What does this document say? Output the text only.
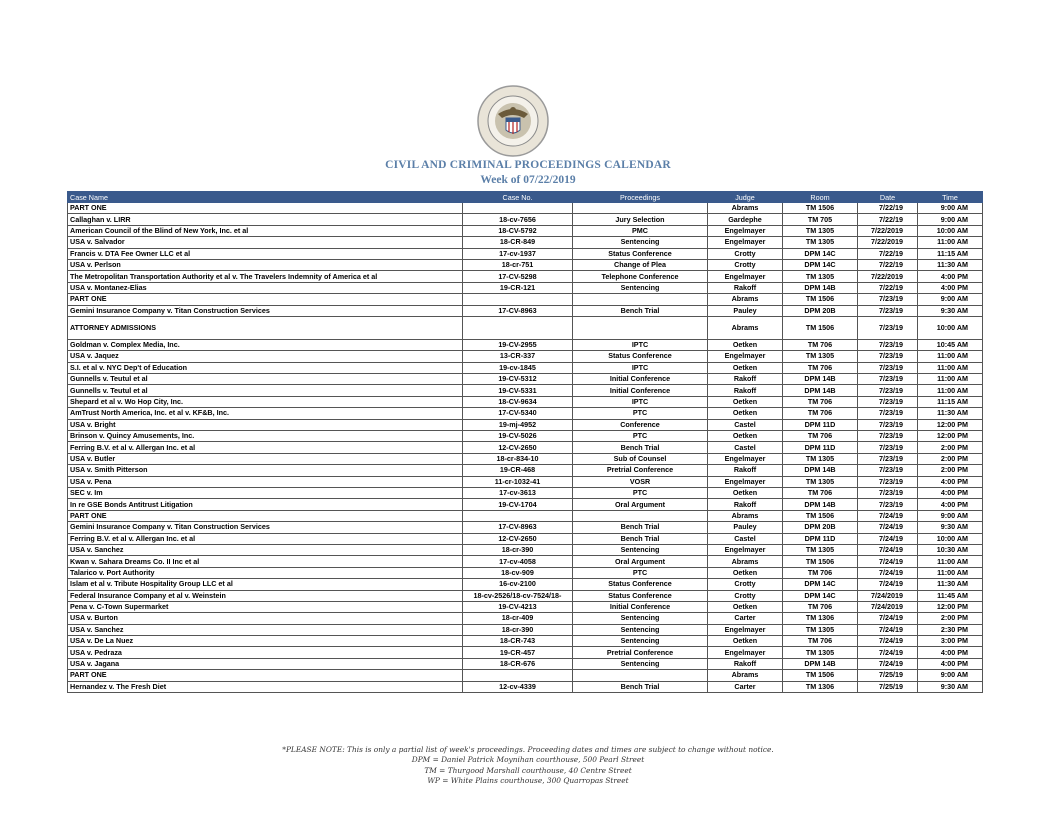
CIVIL AND CRIMINAL PROCEEDINGS CALENDAR
Week of 07/22/2019
Case Name	Case No.	Proceedings	Judge	Room	Date	Time
PART ONE			Abrams	TM 1506	7/22/19	9:00 AM
Callaghan v. LIRR	18-cv-7656	Jury Selection	Gardephe	TM 705	7/22/19	9:00 AM
American Council of the Blind of New York, Inc. et al	18-CV-5792	PMC	Engelmayer	TM 1305	7/22/2019	10:00 AM
USA v. Salvador	18-CR-849	Sentencing	Engelmayer	TM 1305	7/22/2019	11:00 AM
Francis v. DTA Fee Owner LLC et al	17-cv-1937	Status Conference	Crotty	DPM 14C	7/22/19	11:15 AM
USA v. Perlson	18-cr-751	Change of Plea	Crotty	DPM 14C	7/22/19	11:30 AM
The Metropolitan Transportation Authority et al v. The Travelers Indemnity of America et al	17-CV-5298	Telephone Conference	Engelmayer	TM 1305	7/22/2019	4:00 PM
USA v. Montanez-Elias	19-CR-121	Sentencing	Rakoff	DPM 14B	7/22/19	4:00 PM
PART ONE			Abrams	TM 1506	7/23/19	9:00 AM
Gemini Insurance Company v. Titan Construction Services	17-CV-8963	Bench Trial	Pauley	DPM 20B	7/23/19	9:30 AM
ATTORNEY ADMISSIONS			Abrams	TM 1506	7/23/19	10:00 AM
Goldman v. Complex Media, Inc.	19-CV-2955	IPTC	Oetken	TM 706	7/23/19	10:45 AM
USA v. Jaquez	13-CR-337	Status Conference	Engelmayer	TM 1305	7/23/19	11:00 AM
S.I. et al v. NYC Dep't of Education	19-cv-1845	IPTC	Oetken	TM 706	7/23/19	11:00 AM
Gunnells v. Teutul et al	19-CV-5312	Initial Conference	Rakoff	DPM 14B	7/23/19	11:00 AM
Gunnells v. Teutul et al	19-CV-5331	Initial Conference	Rakoff	DPM 14B	7/23/19	11:00 AM
Shepard et al v. Wo Hop City, Inc.	18-CV-9634	IPTC	Oetken	TM 706	7/23/19	11:15 AM
AmTrust North America, Inc. et al v. KF&B, Inc.	17-CV-5340	PTC	Oetken	TM 706	7/23/19	11:30 AM
USA v. Bright	19-mj-4952	Conference	Castel	DPM 11D	7/23/19	12:00 PM
Brinson v. Quincy Amusements, Inc.	19-CV-5026	PTC	Oetken	TM 706	7/23/19	12:00 PM
Ferring B.V. et al v. Allergan Inc. et al	12-CV-2650	Bench Trial	Castel	DPM 11D	7/23/19	2:00 PM
USA v. Butler	18-cr-834-10	Sub of Counsel	Engelmayer	TM 1305	7/23/19	2:00 PM
USA v. Smith Pitterson	19-CR-468	Pretrial Conference	Rakoff	DPM 14B	7/23/19	2:00 PM
USA v. Pena	11-cr-1032-41	VOSR	Engelmayer	TM 1305	7/23/19	4:00 PM
SEC v. Im	17-cv-3613	PTC	Oetken	TM 706	7/23/19	4:00 PM
In re GSE Bonds Antitrust Litigation	19-CV-1704	Oral Argument	Rakoff	DPM 14B	7/23/19	4:00 PM
PART ONE			Abrams	TM 1506	7/24/19	9:00 AM
Gemini Insurance Company v. Titan Construction Services	17-CV-8963	Bench Trial	Pauley	DPM 20B	7/24/19	9:30 AM
Ferring B.V. et al v. Allergan Inc. et al	12-CV-2650	Bench Trial	Castel	DPM 11D	7/24/19	10:00 AM
USA v. Sanchez	18-cr-390	Sentencing	Engelmayer	TM 1305	7/24/19	10:30 AM
Kwan v. Sahara Dreams Co. II Inc et al	17-cv-4058	Oral Argument	Abrams	TM 1506	7/24/19	11:00 AM
Talarico v. Port Authority	18-cv-909	PTC	Oetken	TM 706	7/24/19	11:00 AM
Islam et al v. Tribute Hospitality Group LLC et al	16-cv-2100	Status Conference	Crotty	DPM 14C	7/24/19	11:30 AM
Federal Insurance Company et al v. Weinstein	18-cv-2526/18-cv-7524/18-	Status Conference	Crotty	DPM 14C	7/24/2019	11:45 AM
Pena v. C-Town Supermarket	19-CV-4213	Initial Conference	Oetken	TM 706	7/24/2019	12:00 PM
USA v. Burton	18-cr-409	Sentencing	Carter	TM 1306	7/24/19	2:00 PM
USA v. Sanchez	18-cr-390	Sentencing	Engelmayer	TM 1305	7/24/19	2:30 PM
USA v. De La Nuez	18-CR-743	Sentencing	Oetken	TM 706	7/24/19	3:00 PM
USA v. Pedraza	19-CR-457	Pretrial Conference	Engelmayer	TM 1305	7/24/19	4:00 PM
USA v. Jagana	18-CR-676	Sentencing	Rakoff	DPM 14B	7/24/19	4:00 PM
PART ONE			Abrams	TM 1506	7/25/19	9:00 AM
Hernandez v. The Fresh Diet	12-cv-4339	Bench Trial	Carter	TM 1306	7/25/19	9:30 AM
*PLEASE NOTE: This is only a partial list of week's proceedings. Proceeding dates and times are subject to change without notice.
DPM = Daniel Patrick Moynihan courthouse, 500 Pearl Street
TM = Thurgood Marshall courthouse, 40 Centre Street
WP = White Plains courthouse, 300 Quarropas Street
